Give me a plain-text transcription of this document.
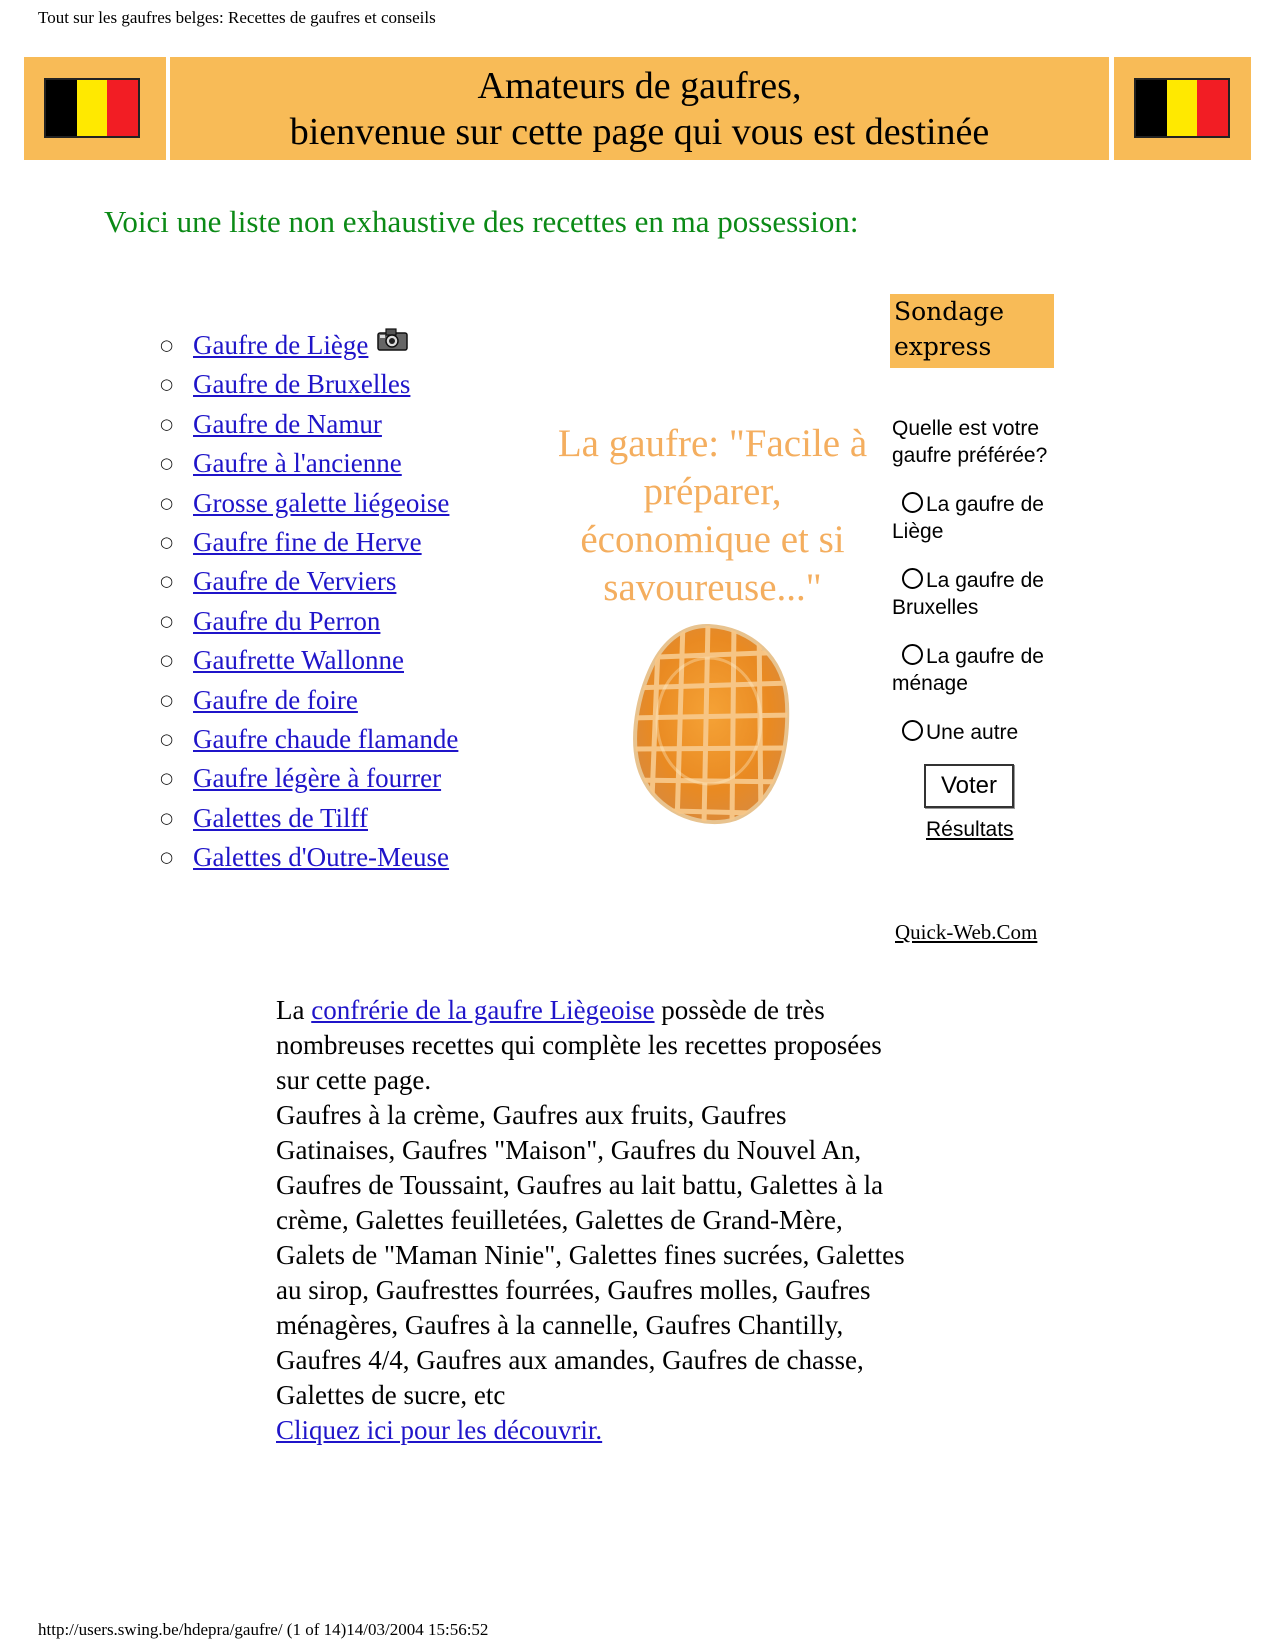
Tout sur les gaufres belges: Recettes de gaufres et conseils
Amateurs de gaufres,
bienvenue sur cette page qui vous est destinée
Voici une liste non exhaustive des recettes en ma possession:
○ Gaufre de Liège
○ Gaufre de Bruxelles
○ Gaufre de Namur
○ Gaufre à l'ancienne
○ Grosse galette liégeoise
○ Gaufre fine de Herve
○ Gaufre de Verviers
○ Gaufre du Perron
○ Gaufrette Wallonne
○ Gaufre de foire
○ Gaufre chaude flamande
○ Gaufre légère à fourrer
○ Galettes de Tilff
○ Galettes d'Outre-Meuse
La gaufre: "Facile à préparer, économique et si savoureuse..."
Sondage express
Quelle est votre gaufre préférée?
La gaufre de Liège
La gaufre de Bruxelles
La gaufre de ménage
Une autre
Voter
Résultats
Quick-Web.Com
La confrérie de la gaufre Liègeoise possède de très nombreuses recettes qui complète les recettes proposées sur cette page.
Gaufres à la crème, Gaufres aux fruits, Gaufres Gatinaises, Gaufres "Maison", Gaufres du Nouvel An, Gaufres de Toussaint, Gaufres au lait battu, Galettes à la crème, Galettes feuilletées, Galettes de Grand-Mère, Galets de "Maman Ninie", Galettes fines sucrées, Galettes au sirop, Gaufresttes fourrées, Gaufres molles, Gaufres ménagères, Gaufres à la cannelle, Gaufres Chantilly, Gaufres 4/4, Gaufres aux amandes, Gaufres de chasse, Galettes de sucre, etc
Cliquez ici pour les découvrir.
http://users.swing.be/hdepra/gaufre/ (1 of 14)14/03/2004 15:56:52
